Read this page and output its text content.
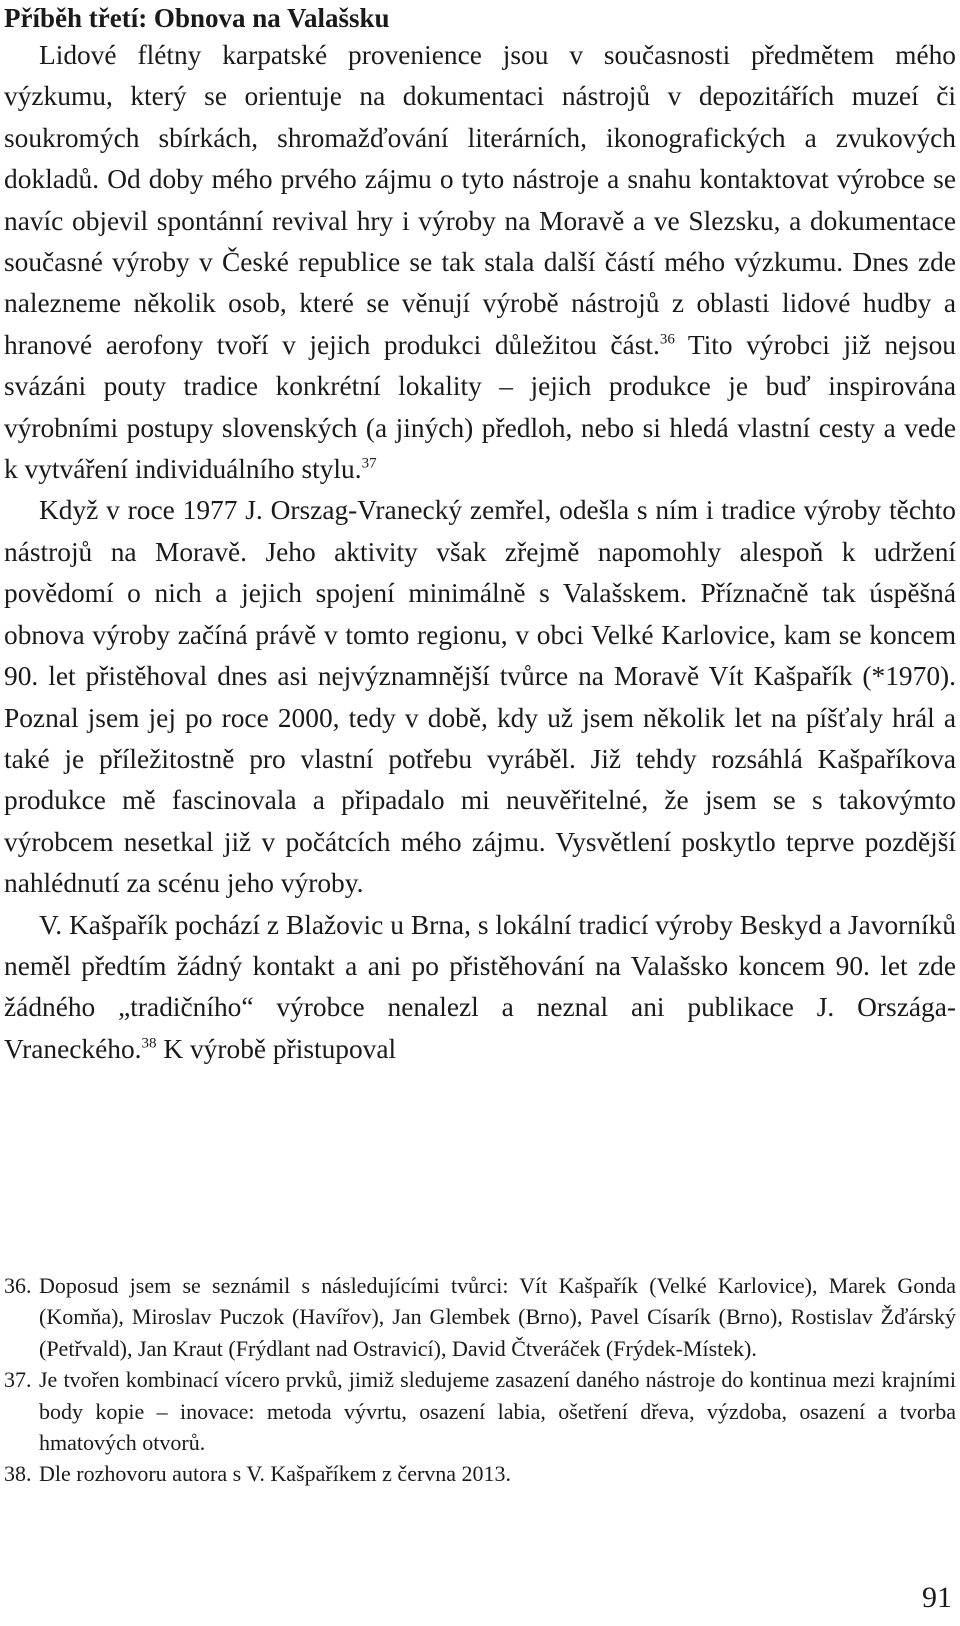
Příběh třetí: Obnova na Valašsku

Lidové flétny karpatské provenience jsou v současnosti předmětem mého výzkumu, který se orientuje na dokumentaci nástrojů v depozitářích muzeí či soukromých sbírkách, shromažďování literárních, ikonografických a zvukových dokladů. Od doby mého prvého zájmu o tyto nástroje a snahu kontaktovat výrobce se navíc objevil spontánní revival hry i výroby na Moravě a ve Slezsku, a dokumentace současné výroby v České republice se tak stala další částí mého výzkumu. Dnes zde nalezneme několik osob, které se věnují výrobě nástrojů z oblasti lidové hudby a hranové aerofony tvoří v jejich produkci důležitou část.$^{36}$ Tito výrobci již nejsou svázáni pouty tradice konkrétní lokality – jejich produkce je buď inspirována výrobními postupy slovenských (a jiných) předloh, nebo si hledá vlastní cesty a vede k vytváření individuálního stylu.$^{37}$

Když v roce 1977 J. Orszag-Vranecký zemřel, odešla s ním i tradice výroby těchto nástrojů na Moravě. Jeho aktivity však zřejmě napomohly alespoň k udržení povědomí o nich a jejich spojení minimálně s Valašskem. Příznačně tak úspěšná obnova výroby začíná právě v tomto regionu, v obci Velké Karlovice, kam se koncem 90. let přistěhoval dnes asi nejvýznamnější tvůrce na Moravě Vít Kašpařík (*1970). Poznal jsem jej po roce 2000, tedy v době, kdy už jsem několik let na píšťaly hrál a také je příležitostně pro vlastní potřebu vyráběl. Již tehdy rozsáhlá Kašpaříkova produkce mě fascinovala a připadalo mi neuvěřitelné, že jsem se s takovýmto výrobcem nesetkal již v počátcích mého zájmu. Vysvětlení poskytlo teprve pozdější nahlédnutí za scénu jeho výroby.

V. Kašpařík pochází z Blažovic u Brna, s lokální tradicí výroby Beskyd a Javorníků neměl předtím žádný kontakt a ani po přistěhování na Valašsko koncem 90. let zde žádného „tradičního“ výrobce nenalezl a neznal ani publikace J. Országa-Vraneckého.$^{38}$ K výrobě přistupoval

36. Doposud jsem se seznámil s následujícími tvůrci: Vít Kašpařík (Velké Karlovice), Marek Gonda (Komňa), Miroslav Puczok (Havířov), Jan Glembek (Brno), Pavel Císarík (Brno), Rostislav Žďárský (Petřvald), Jan Kraut (Frýdlant nad Ostravicí), David Čtveráček (Frýdek-Místek).

37. Je tvořen kombinací vícero prvků, jimiž sledujeme zasazení daného nástroje do kontinua mezi krajními body kopie – inovace: metoda vývrtu, osazení labia, ošetření dřeva, výzdoba, osazení a tvorba hmatových otvorů.

38. Dle rozhovoru autora s V. Kašpaříkem z června 2013.

91
